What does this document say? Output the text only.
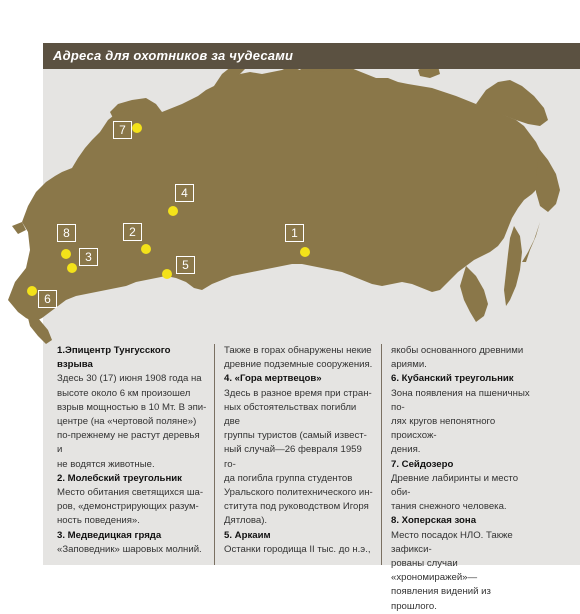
Адреса для охотников за чудесами
1
2
3
4
5
6
7
8

1.Эпицентр Тунгусского взрыва

Здесь 30 (17) июня 1908 года на

высоте около 6 км произошел

взрыв мощностью в 10 Мт. В эпи-

центре (на «чертовой поляне»)

по-прежнему не растут деревья и

не водятся животные.

2. Молебский треугольник

Место обитания светящихся ша-

ров, «демонстрирующих разум-

ность поведения».

3. Медведицкая гряда

«Заповедник» шаровых молний.

Также в горах обнаружены некие

древние подземные сооружения.

4. «Гора мертвецов»

Здесь в разное время при стран-

ных обстоятельствах погибли две

группы туристов (самый извест-

ный случай—26 февраля 1959 го-

да погибла группа студентов

Уральского политехнического ин-

ститута под руководством Игоря

Дятлова).

5. Аркаим

Останки городища II тыс. до н.э.,

якобы основанного древними

ариями.

6. Кубанский треугольник

Зона появления на пшеничных по-

лях кругов непонятного происхож-

дения.

7. Сейдозеро

Древние лабиринты и место оби-

тания снежного человека.

8. Хоперская зона

Место посадок НЛО. Также зафикси-

рованы случаи «хрономиражей»—

появления видений из прошлого.
